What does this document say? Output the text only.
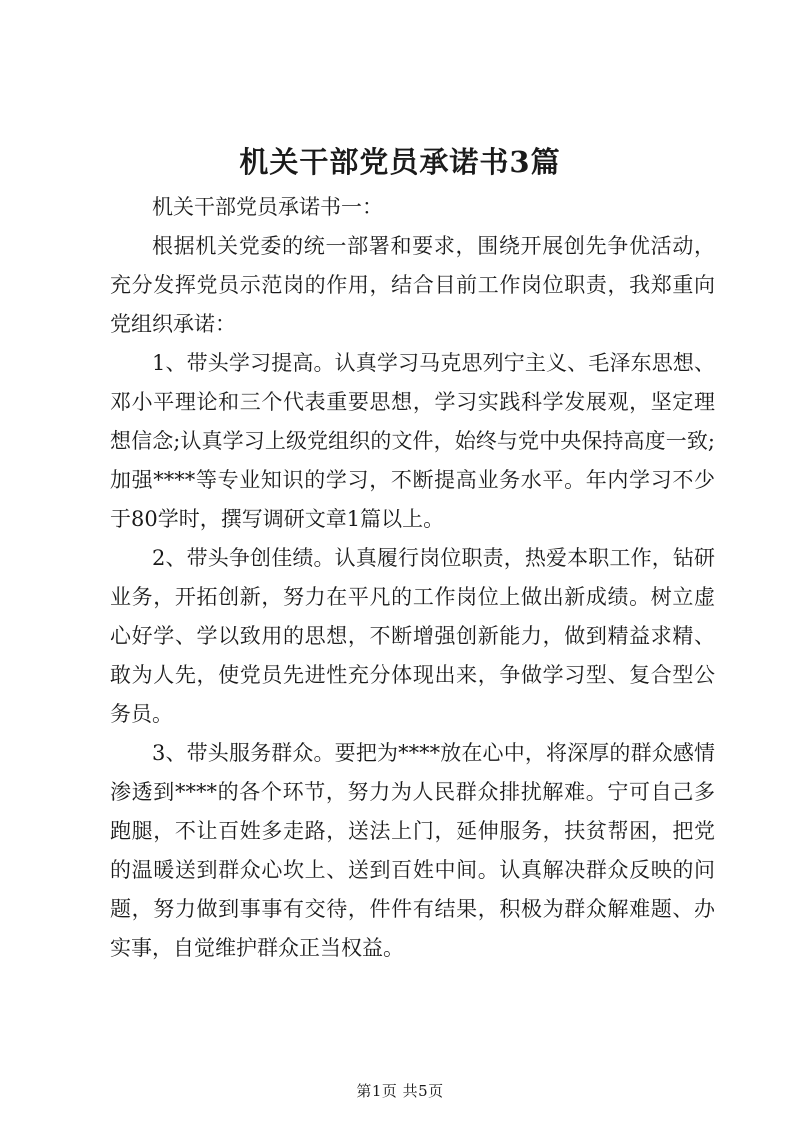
机关干部党员承诺书3篇

机关干部党员承诺书一：

根据机关党委的统一部署和要求，围绕开展创先争优活动，充分发挥党员示范岗的作用，结合目前工作岗位职责，我郑重向党组织承诺：

1、带头学习提高。认真学习马克思列宁主义、毛泽东思想、邓小平理论和三个代表重要思想，学习实践科学发展观，坚定理想信念;认真学习上级党组织的文件，始终与党中央保持高度一致;加强****等专业知识的学习，不断提高业务水平。年内学习不少于80学时，撰写调研文章1篇以上。

2、带头争创佳绩。认真履行岗位职责，热爱本职工作，钻研业务，开拓创新，努力在平凡的工作岗位上做出新成绩。树立虚心好学、学以致用的思想，不断增强创新能力，做到精益求精、敢为人先，使党员先进性充分体现出来，争做学习型、复合型公务员。

3、带头服务群众。要把为****放在心中，将深厚的群众感情渗透到****的各个环节，努力为人民群众排扰解难。宁可自己多跑腿，不让百姓多走路，送法上门，延伸服务，扶贫帮困，把党的温暖送到群众心坎上、送到百姓中间。认真解决群众反映的问题，努力做到事事有交待，件件有结果，积极为群众解难题、办实事，自觉维护群众正当权益。

第1页 共5页
